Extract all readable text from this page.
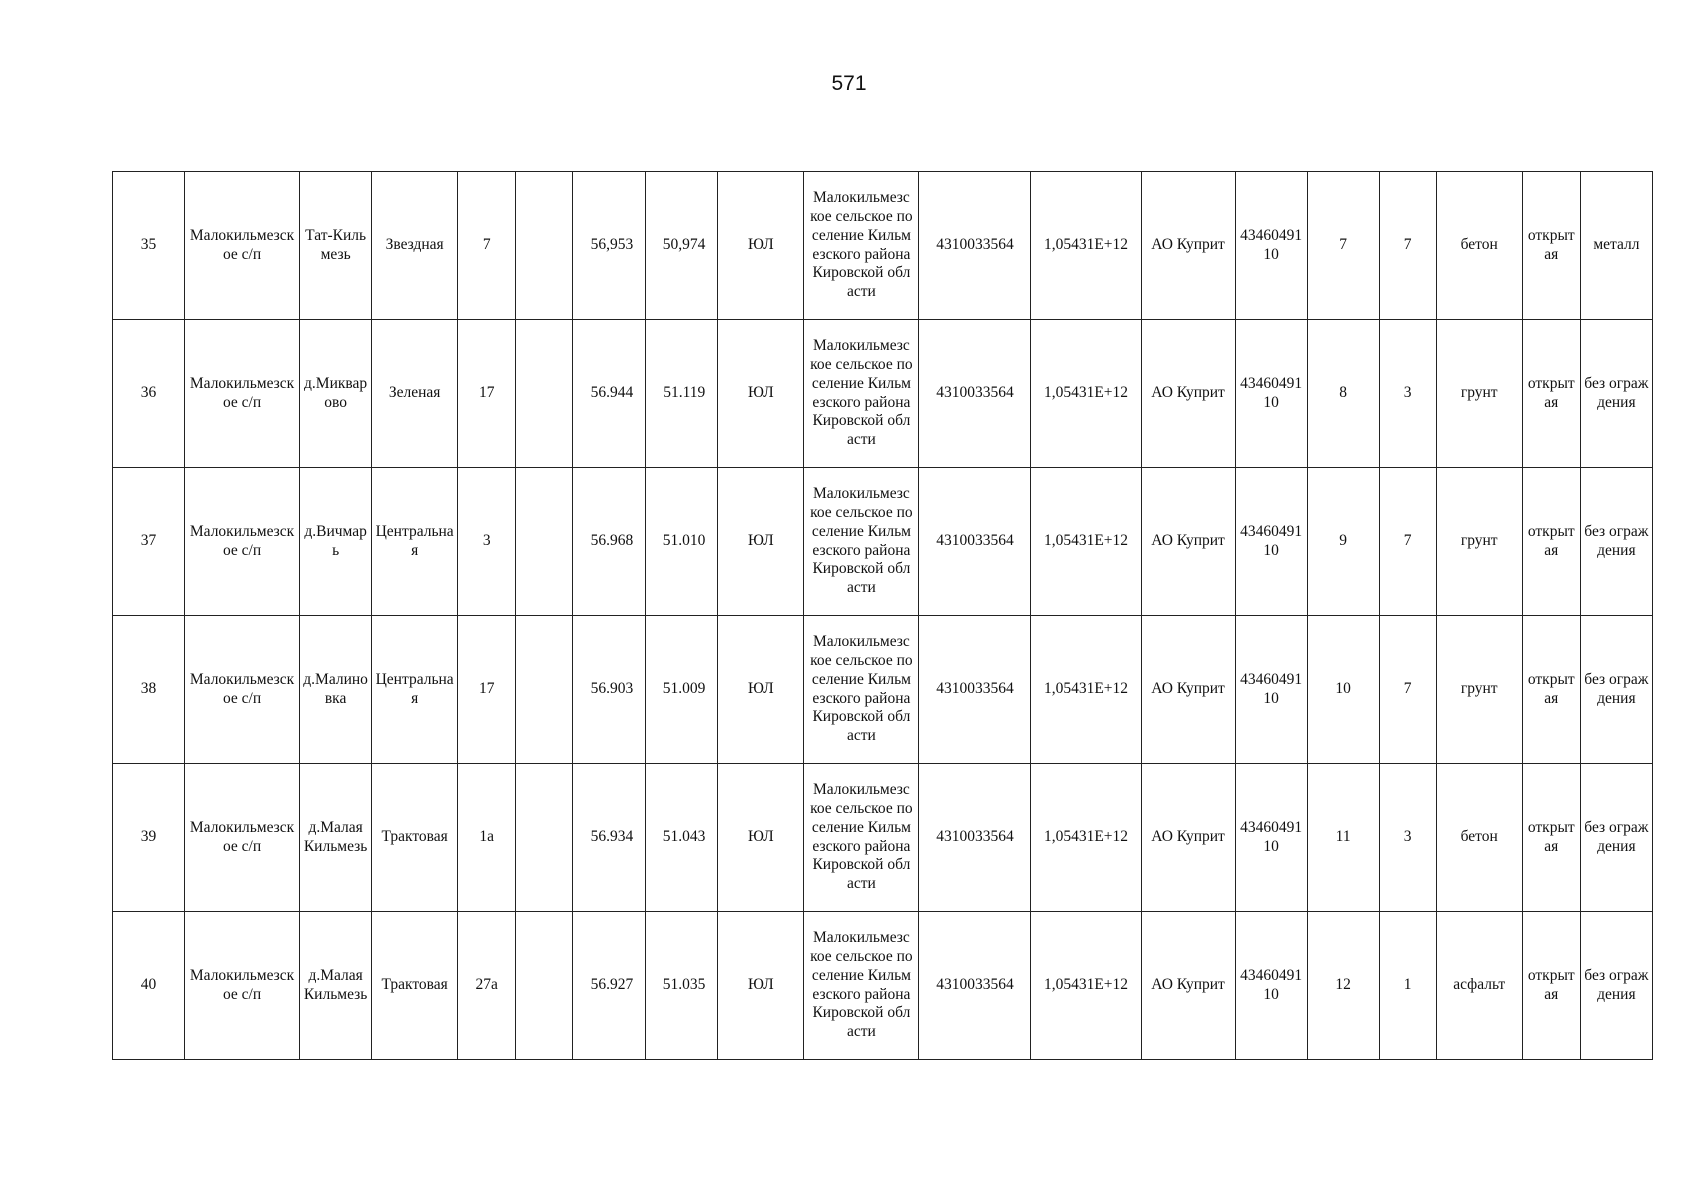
571
35	Малокильмезское с/п	Тат-Кильмезь	Звездная	7		56,953	50,974	ЮЛ	Малокильмезское сельское поселение Кильмезского района Кировской области	4310033564	1,05431E+12	АО Куприт	4346049110	7	7	бетон	открытая	металл
36	Малокильмезское с/п	д.Микварово	Зеленая	17		56.944	51.119	ЮЛ	Малокильмезское сельское поселение Кильмезского района Кировской области	4310033564	1,05431E+12	АО Куприт	4346049110	8	3	грунт	открытая	без ограждения
37	Малокильмезское с/п	д.Вичмарь	Центральная	3		56.968	51.010	ЮЛ	Малокильмезское сельское поселение Кильмезского района Кировской области	4310033564	1,05431E+12	АО Куприт	4346049110	9	7	грунт	открытая	без ограждения
38	Малокильмезское с/п	д.Малиновка	Центральная	17		56.903	51.009	ЮЛ	Малокильмезское сельское поселение Кильмезского района Кировской области	4310033564	1,05431E+12	АО Куприт	4346049110	10	7	грунт	открытая	без ограждения
39	Малокильмезское с/п	д.Малая Кильмезь	Трактовая	1а		56.934	51.043	ЮЛ	Малокильмезское сельское поселение Кильмезского района Кировской области	4310033564	1,05431E+12	АО Куприт	4346049110	11	3	бетон	открытая	без ограждения
40	Малокильмезское с/п	д.Малая Кильмезь	Трактовая	27а		56.927	51.035	ЮЛ	Малокильмезское сельское поселение Кильмезского района Кировской области	4310033564	1,05431E+12	АО Куприт	4346049110	12	1	асфальт	открытая	без ограждения
